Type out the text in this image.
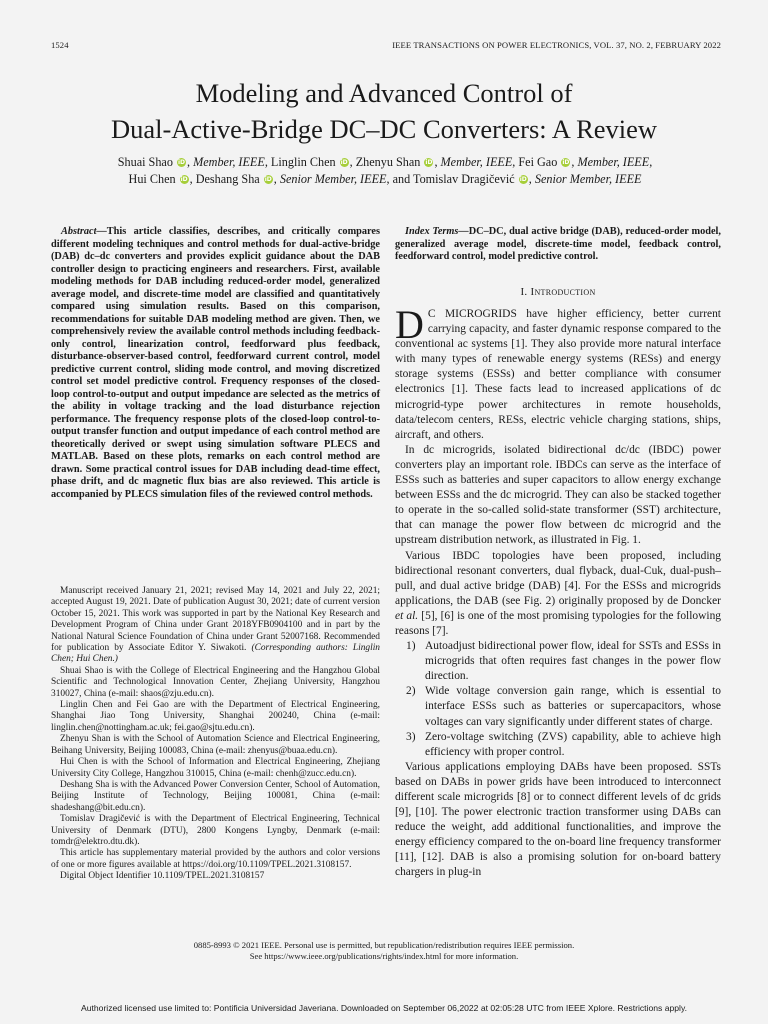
1524	IEEE TRANSACTIONS ON POWER ELECTRONICS, VOL. 37, NO. 2, FEBRUARY 2022
Modeling and Advanced Control of
Dual-Active-Bridge DC–DC Converters: A Review
Shuai Shao iD , Member, IEEE, Linglin Chen iD , Zhenyu Shan iD , Member, IEEE, Fei Gao iD , Member, IEEE,
Hui Chen iD , Deshang Sha iD , Senior Member, IEEE, and Tomislav Dragičević iD , Senior Member, IEEE
Abstract—This article classifies, describes, and critically compares different modeling techniques and control methods for dual-active-bridge (DAB) dc–dc converters and provides explicit guidance about the DAB controller design to practicing engineers and researchers. First, available modeling methods for DAB including reduced-order model, generalized average model, and discrete-time model are classified and quantitatively compared using simulation results. Based on this comparison, recommendations for suitable DAB modeling method are given. Then, we comprehensively review the available control methods including feedback-only control, linearization control, feedforward plus feedback, disturbance-observer-based control, feedforward current control, model predictive current control, sliding mode control, and moving discretized control set model predictive control. Frequency responses of the closed-loop control-to-output and output impedance are selected as the metrics of the ability in voltage tracking and the load disturbance rejection performance. The frequency response plots of the closed-loop control-to-output transfer function and output impedance of each control method are theoretically derived or swept using simulation software PLECS and MATLAB. Based on these plots, remarks on each control method are drawn. Some practical control issues for DAB including dead-time effect, phase drift, and dc magnetic flux bias are also reviewed. This article is accompanied by PLECS simulation files of the reviewed control methods.
Index Terms—DC–DC, dual active bridge (DAB), reduced-order model, generalized average model, discrete-time model, feedback control, feedforward control, model predictive control.
I. Introduction

D C MICROGRIDS have higher efficiency, better current carrying capacity, and faster dynamic response compared to the conventional ac systems [1]. They also provide more natural interface with many types of renewable energy systems (RESs) and energy storage systems (ESSs) and better compliance with consumer electronics [1]. These facts lead to increased applications of dc microgrid-type power architectures in remote households, data/telecom centers, RESs, electric vehicle charging stations, ships, aircraft, and others.

In dc microgrids, isolated bidirectional dc/dc (IBDC) power converters play an important role. IBDCs can serve as the interface of ESSs such as batteries and super capacitors to allow energy exchange between ESSs and the dc microgrid. They can also be stacked together to operate in the so-called solid-state transformer (SST) architecture, that can manage the power flow between dc microgrid and the upstream distribution network, as illustrated in Fig. 1.

Various IBDC topologies have been proposed, including bidirectional resonant converters, dual flyback, dual-Cuk, dual-push–pull, and dual active bridge (DAB) [4]. For the ESSs and microgrids applications, the DAB (see Fig. 2) originally proposed by de Doncker et al. [5], [6] is one of the most promising typologies for the following reasons [7].

1) Autoadjust bidirectional power flow, ideal for SSTs and ESSs in microgrids that often requires fast changes in the power flow direction.
2) Wide voltage conversion gain range, which is essential to interface ESSs such as batteries or supercapacitors, whose voltages can vary significantly under different states of charge.
3) Zero-voltage switching (ZVS) capability, able to achieve high efficiency with proper control.

Various applications employing DABs have been proposed. SSTs based on DABs in power grids have been introduced to interconnect different scale microgrids [8] or to connect different levels of dc grids [9], [10]. The power electronic traction transformer using DABs can reduce the weight, add additional functionalities, and improve the energy efficiency compared to the on-board line frequency transformer [11], [12]. DAB is also a promising solution for on-board battery chargers in plug-in

Manuscript received January 21, 2021; revised May 14, 2021 and July 22, 2021; accepted August 19, 2021. Date of publication August 30, 2021; date of current version October 15, 2021. This work was supported in part by the National Key Research and Development Program of China under Grant 2018YFB0904100 and in part by the National Natural Science Foundation of China under Grant 52007168. Recommended for publication by Associate Editor Y. Siwakoti. (Corresponding authors: Linglin Chen; Hui Chen.)

Shuai Shao is with the College of Electrical Engineering and the Hangzhou Global Scientific and Technological Innovation Center, Zhejiang University, Hangzhou 310027, China (e-mail: shaos@zju.edu.cn).

Linglin Chen and Fei Gao are with the Department of Electrical Engineering, Shanghai Jiao Tong University, Shanghai 200240, China (e-mail: linglin.chen@nottingham.ac.uk; fei.gao@sjtu.edu.cn).

Zhenyu Shan is with the School of Automation Science and Electrical Engineering, Beihang University, Beijing 100083, China (e-mail: zhenyus@buaa.edu.cn).

Hui Chen is with the School of Information and Electrical Engineering, Zhejiang University City College, Hangzhou 310015, China (e-mail: chenh@zucc.edu.cn).

Deshang Sha is with the Advanced Power Conversion Center, School of Automation, Beijing Institute of Technology, Beijing 100081, China (e-mail: shadeshang@bit.edu.cn).

Tomislav Dragičević is with the Department of Electrical Engineering, Technical University of Denmark (DTU), 2800 Kongens Lyngby, Denmark (e-mail: tomdr@elektro.dtu.dk).

This article has supplementary material provided by the authors and color versions of one or more figures available at https://doi.org/10.1109/TPEL.2021.3108157.

Digital Object Identifier 10.1109/TPEL.2021.3108157

0885-8993 © 2021 IEEE. Personal use is permitted, but republication/redistribution requires IEEE permission.
See https://www.ieee.org/publications/rights/index.html for more information.
Authorized licensed use limited to: Pontificia Universidad Javeriana. Downloaded on September 06,2022 at 02:05:28 UTC from IEEE Xplore. Restrictions apply.
